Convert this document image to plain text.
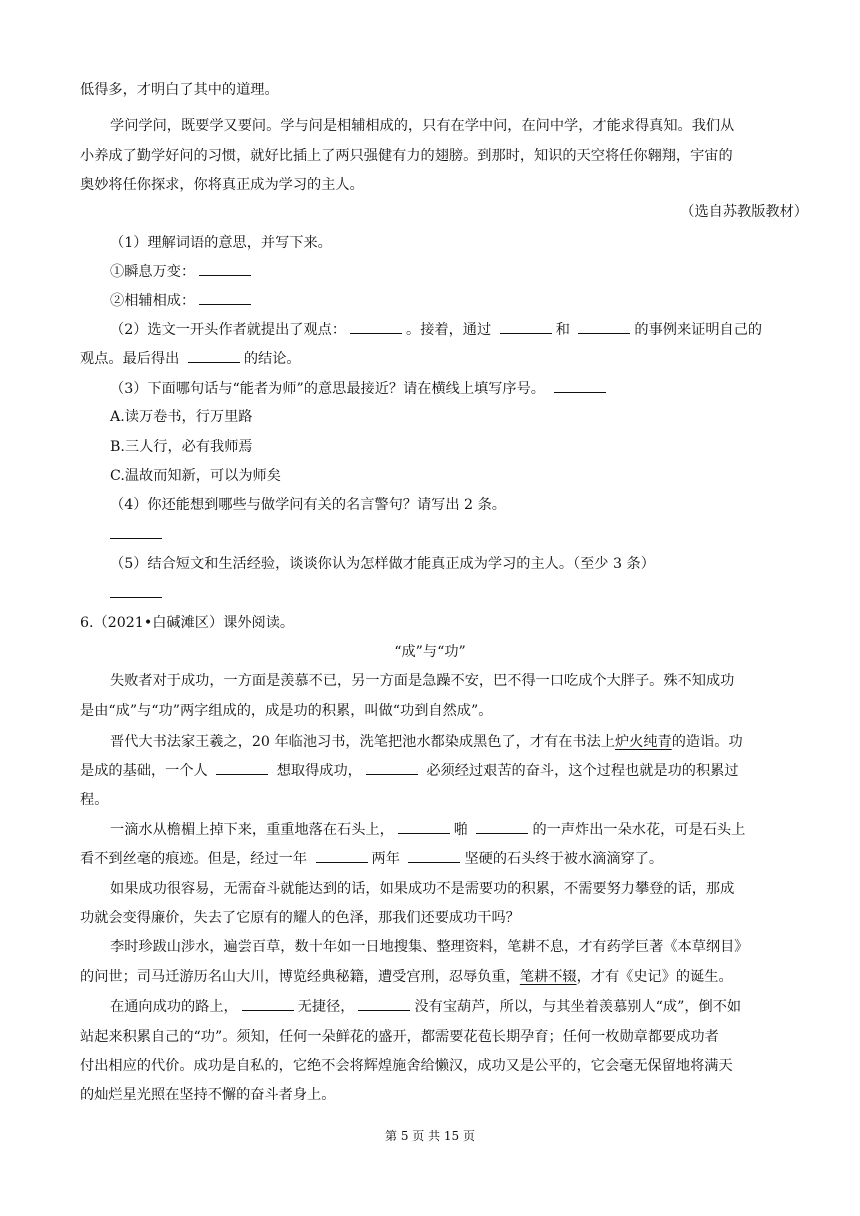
低得多，才明白了其中的道理。
学问学问，既要学又要问。学与问是相辅相成的，只有在学中问，在问中学，才能求得真知。我们从
小养成了勤学好问的习惯，就好比插上了两只强健有力的翅膀。到那时，知识的天空将任你翱翔，宇宙的
奥妙将任你探求，你将真正成为学习的主人。
（选自苏教版教材）
（1）理解词语的意思，并写下来。
①瞬息万变：
②相辅相成：
（2）选文一开头作者就提出了观点：	。接着，通过	和	的事例来证明自己的
观点。最后得出	的结论。
（3）下面哪句话与“能者为师”的意思最接近？请在横线上填写序号。
A.读万卷书，行万里路
B.三人行，必有我师焉
C.温故而知新，可以为师矣
（4）你还能想到哪些与做学问有关的名言警句？请写出 2 条。
（5）结合短文和生活经验，谈谈你认为怎样做才能真正成为学习的主人。（至少 3 条）
6.（2021•白碱滩区）课外阅读。
“成”与“功”
失败者对于成功，一方面是羡慕不已，另一方面是急躁不安，巴不得一口吃成个大胖子。殊不知成功
是由“成”与“功”两字组成的，成是功的积累，叫做“功到自然成”。
晋代大书法家王羲之，20 年临池习书，洗笔把池水都染成黑色了，才有在书法上炉火纯青的造诣。功
是成的基础，一个人	想取得成功，	必须经过艰苦的奋斗，这个过程也就是功的积累过
程。
一滴水从檐楣上掉下来，重重地落在石头上，	啪	的一声炸出一朵水花，可是石头上
看不到丝毫的痕迹。但是，经过一年	两年	坚硬的石头终于被水滴滴穿了。
如果成功很容易，无需奋斗就能达到的话，如果成功不是需要功的积累，不需要努力攀登的话，那成
功就会变得廉价，失去了它原有的耀人的色泽，那我们还要成功干吗？
李时珍跋山涉水，遍尝百草，数十年如一日地搜集、整理资料，笔耕不息，才有药学巨著《本草纲目》
的问世；司马迁游历名山大川，博览经典秘籍，遭受宫刑，忍辱负重，笔耕不辍，才有《史记》的诞生。
在通向成功的路上，	无捷径，	没有宝葫芦，所以，与其坐着羡慕别人“成”，倒不如
站起来积累自己的“功”。须知，任何一朵鲜花的盛开，都需要花苞长期孕育；任何一枚勋章都要成功者
付出相应的代价。成功是自私的，它绝不会将辉煌施舍给懒汉，成功又是公平的，它会毫无保留地将满天
的灿烂星光照在坚持不懈的奋斗者身上。
第 5 页 共 15 页
